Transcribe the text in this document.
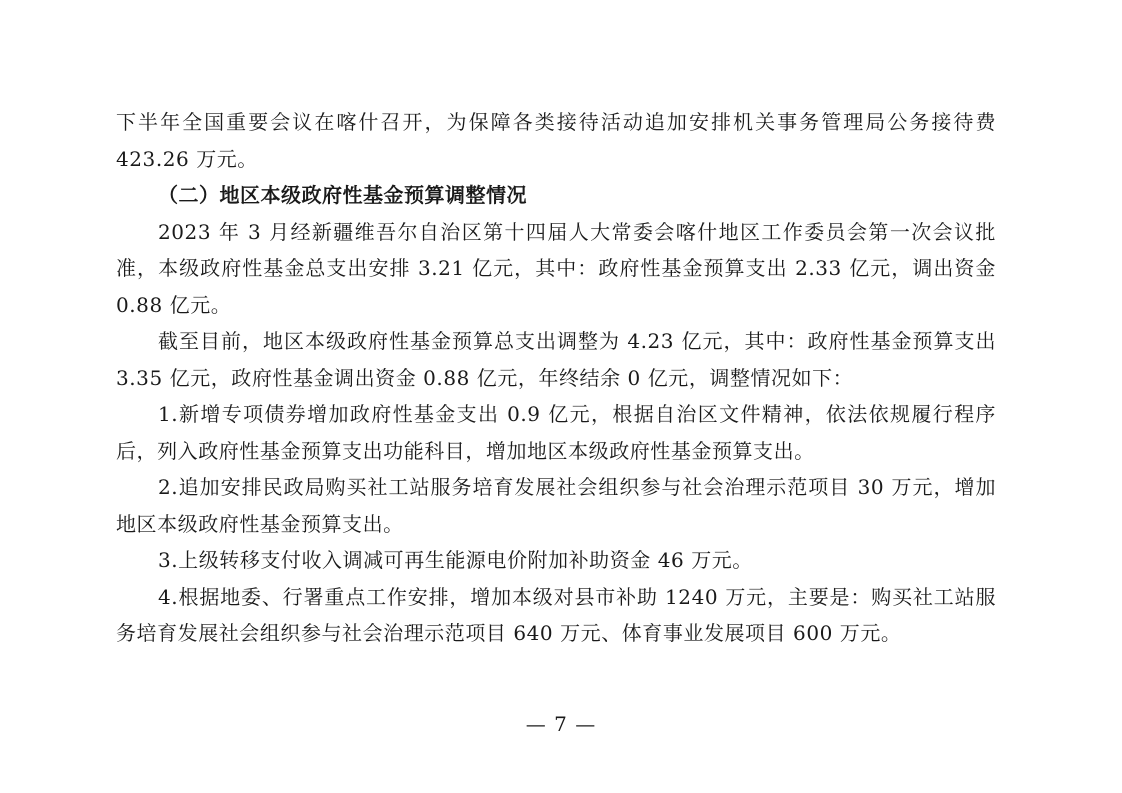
下半年全国重要会议在喀什召开，为保障各类接待活动追加安排机关事务管理局公务接待费423.26 万元。

（二）地区本级政府性基金预算调整情况

2023 年 3 月经新疆维吾尔自治区第十四届人大常委会喀什地区工作委员会第一次会议批准，本级政府性基金总支出安排 3.21 亿元，其中：政府性基金预算支出 2.33 亿元，调出资金 0.88 亿元。

截至目前，地区本级政府性基金预算总支出调整为 4.23 亿元，其中：政府性基金预算支出 3.35 亿元，政府性基金调出资金 0.88 亿元，年终结余 0 亿元，调整情况如下：

1.新增专项债券增加政府性基金支出 0.9 亿元，根据自治区文件精神，依法依规履行程序后，列入政府性基金预算支出功能科目，增加地区本级政府性基金预算支出。

2.追加安排民政局购买社工站服务培育发展社会组织参与社会治理示范项目 30 万元，增加地区本级政府性基金预算支出。

3.上级转移支付收入调减可再生能源电价附加补助资金 46 万元。

4.根据地委、行署重点工作安排，增加本级对县市补助 1240 万元，主要是：购买社工站服务培育发展社会组织参与社会治理示范项目 640 万元、体育事业发展项目 600 万元。

— 7 —
